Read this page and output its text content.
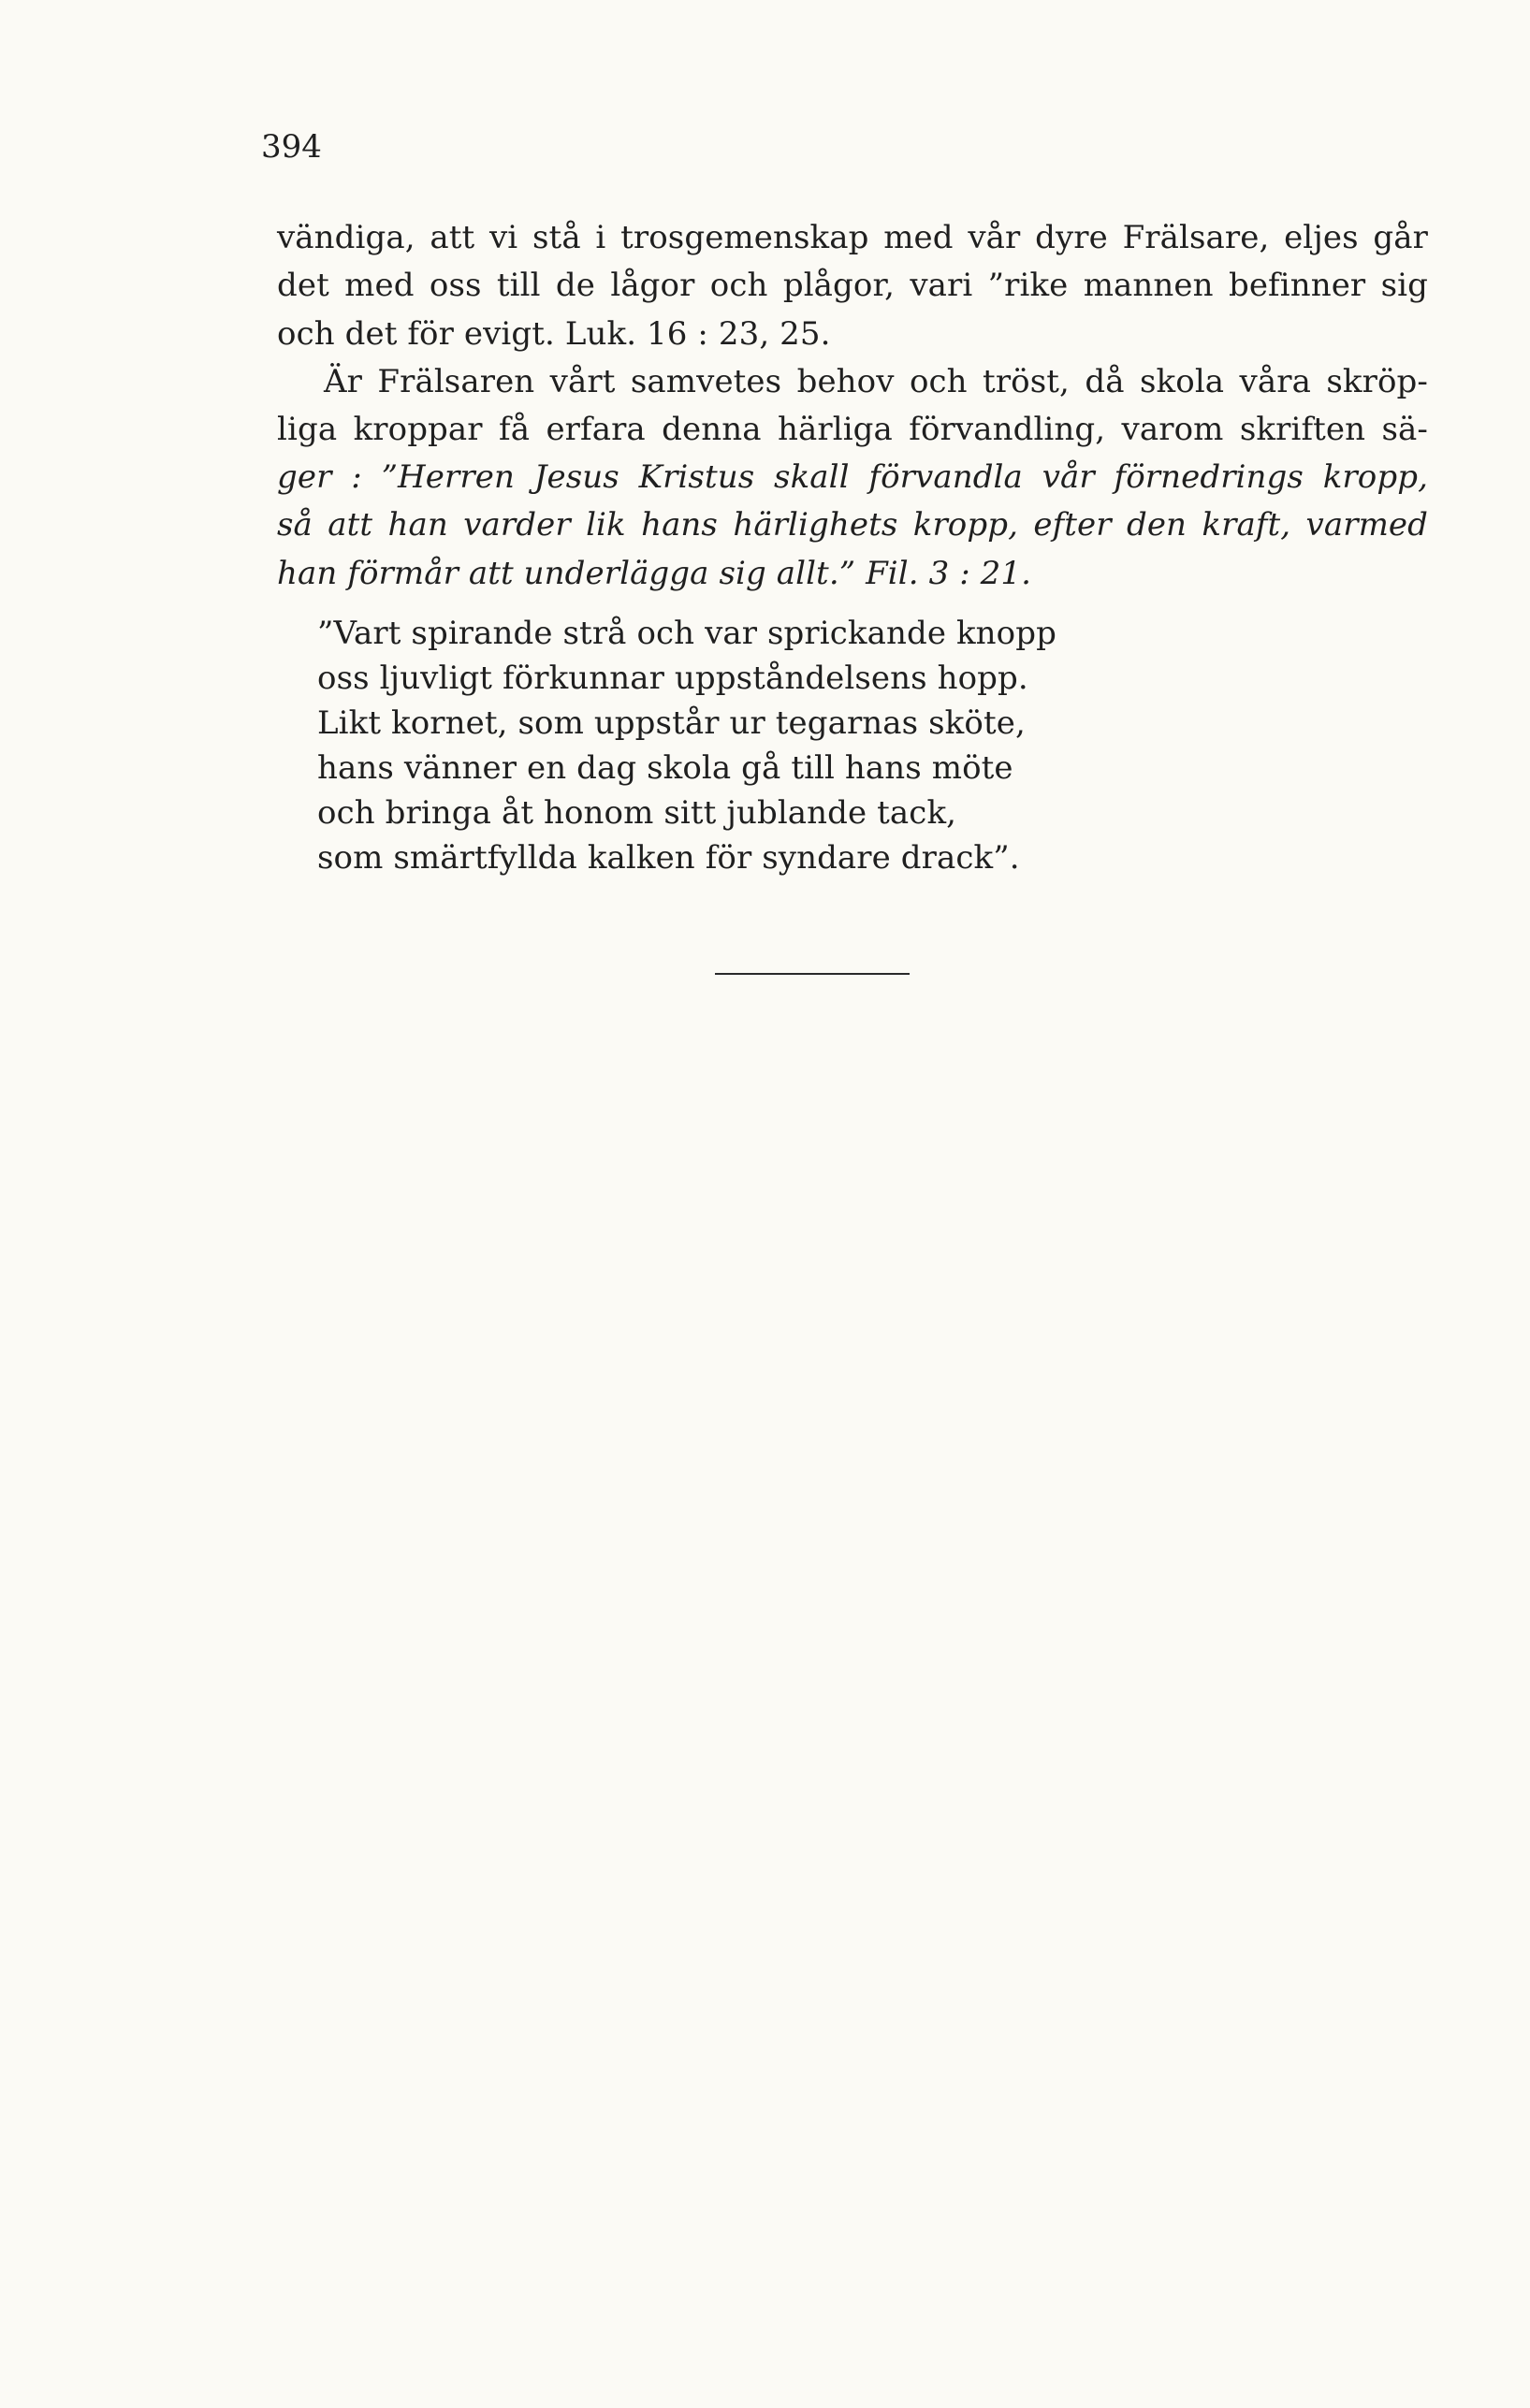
394
vändiga, att vi stå i trosgemenskap med vår dyre Frälsare, eljes går
det med oss till de lågor och plågor, vari ”rike mannen befinner sig
och det för evigt. Luk. 16 : 23, 25.
Är Frälsaren vårt samvetes behov och tröst, då skola våra skröp-
liga kroppar få erfara denna härliga förvandling, varom skriften sä-
ger : ”Herren Jesus Kristus skall förvandla vår förnedrings kropp,
så att han varder lik hans härlighets kropp, efter den kraft, varmed
han förmår att underlägga sig allt.” Fil. 3 : 21.
”Vart spirande strå och var sprickande knopp
oss ljuvligt förkunnar uppståndelsens hopp.
Likt kornet, som uppstår ur tegarnas sköte,
hans vänner en dag skola gå till hans möte
och bringa åt honom sitt jublande tack,
som smärtfyllda kalken för syndare drack”.
